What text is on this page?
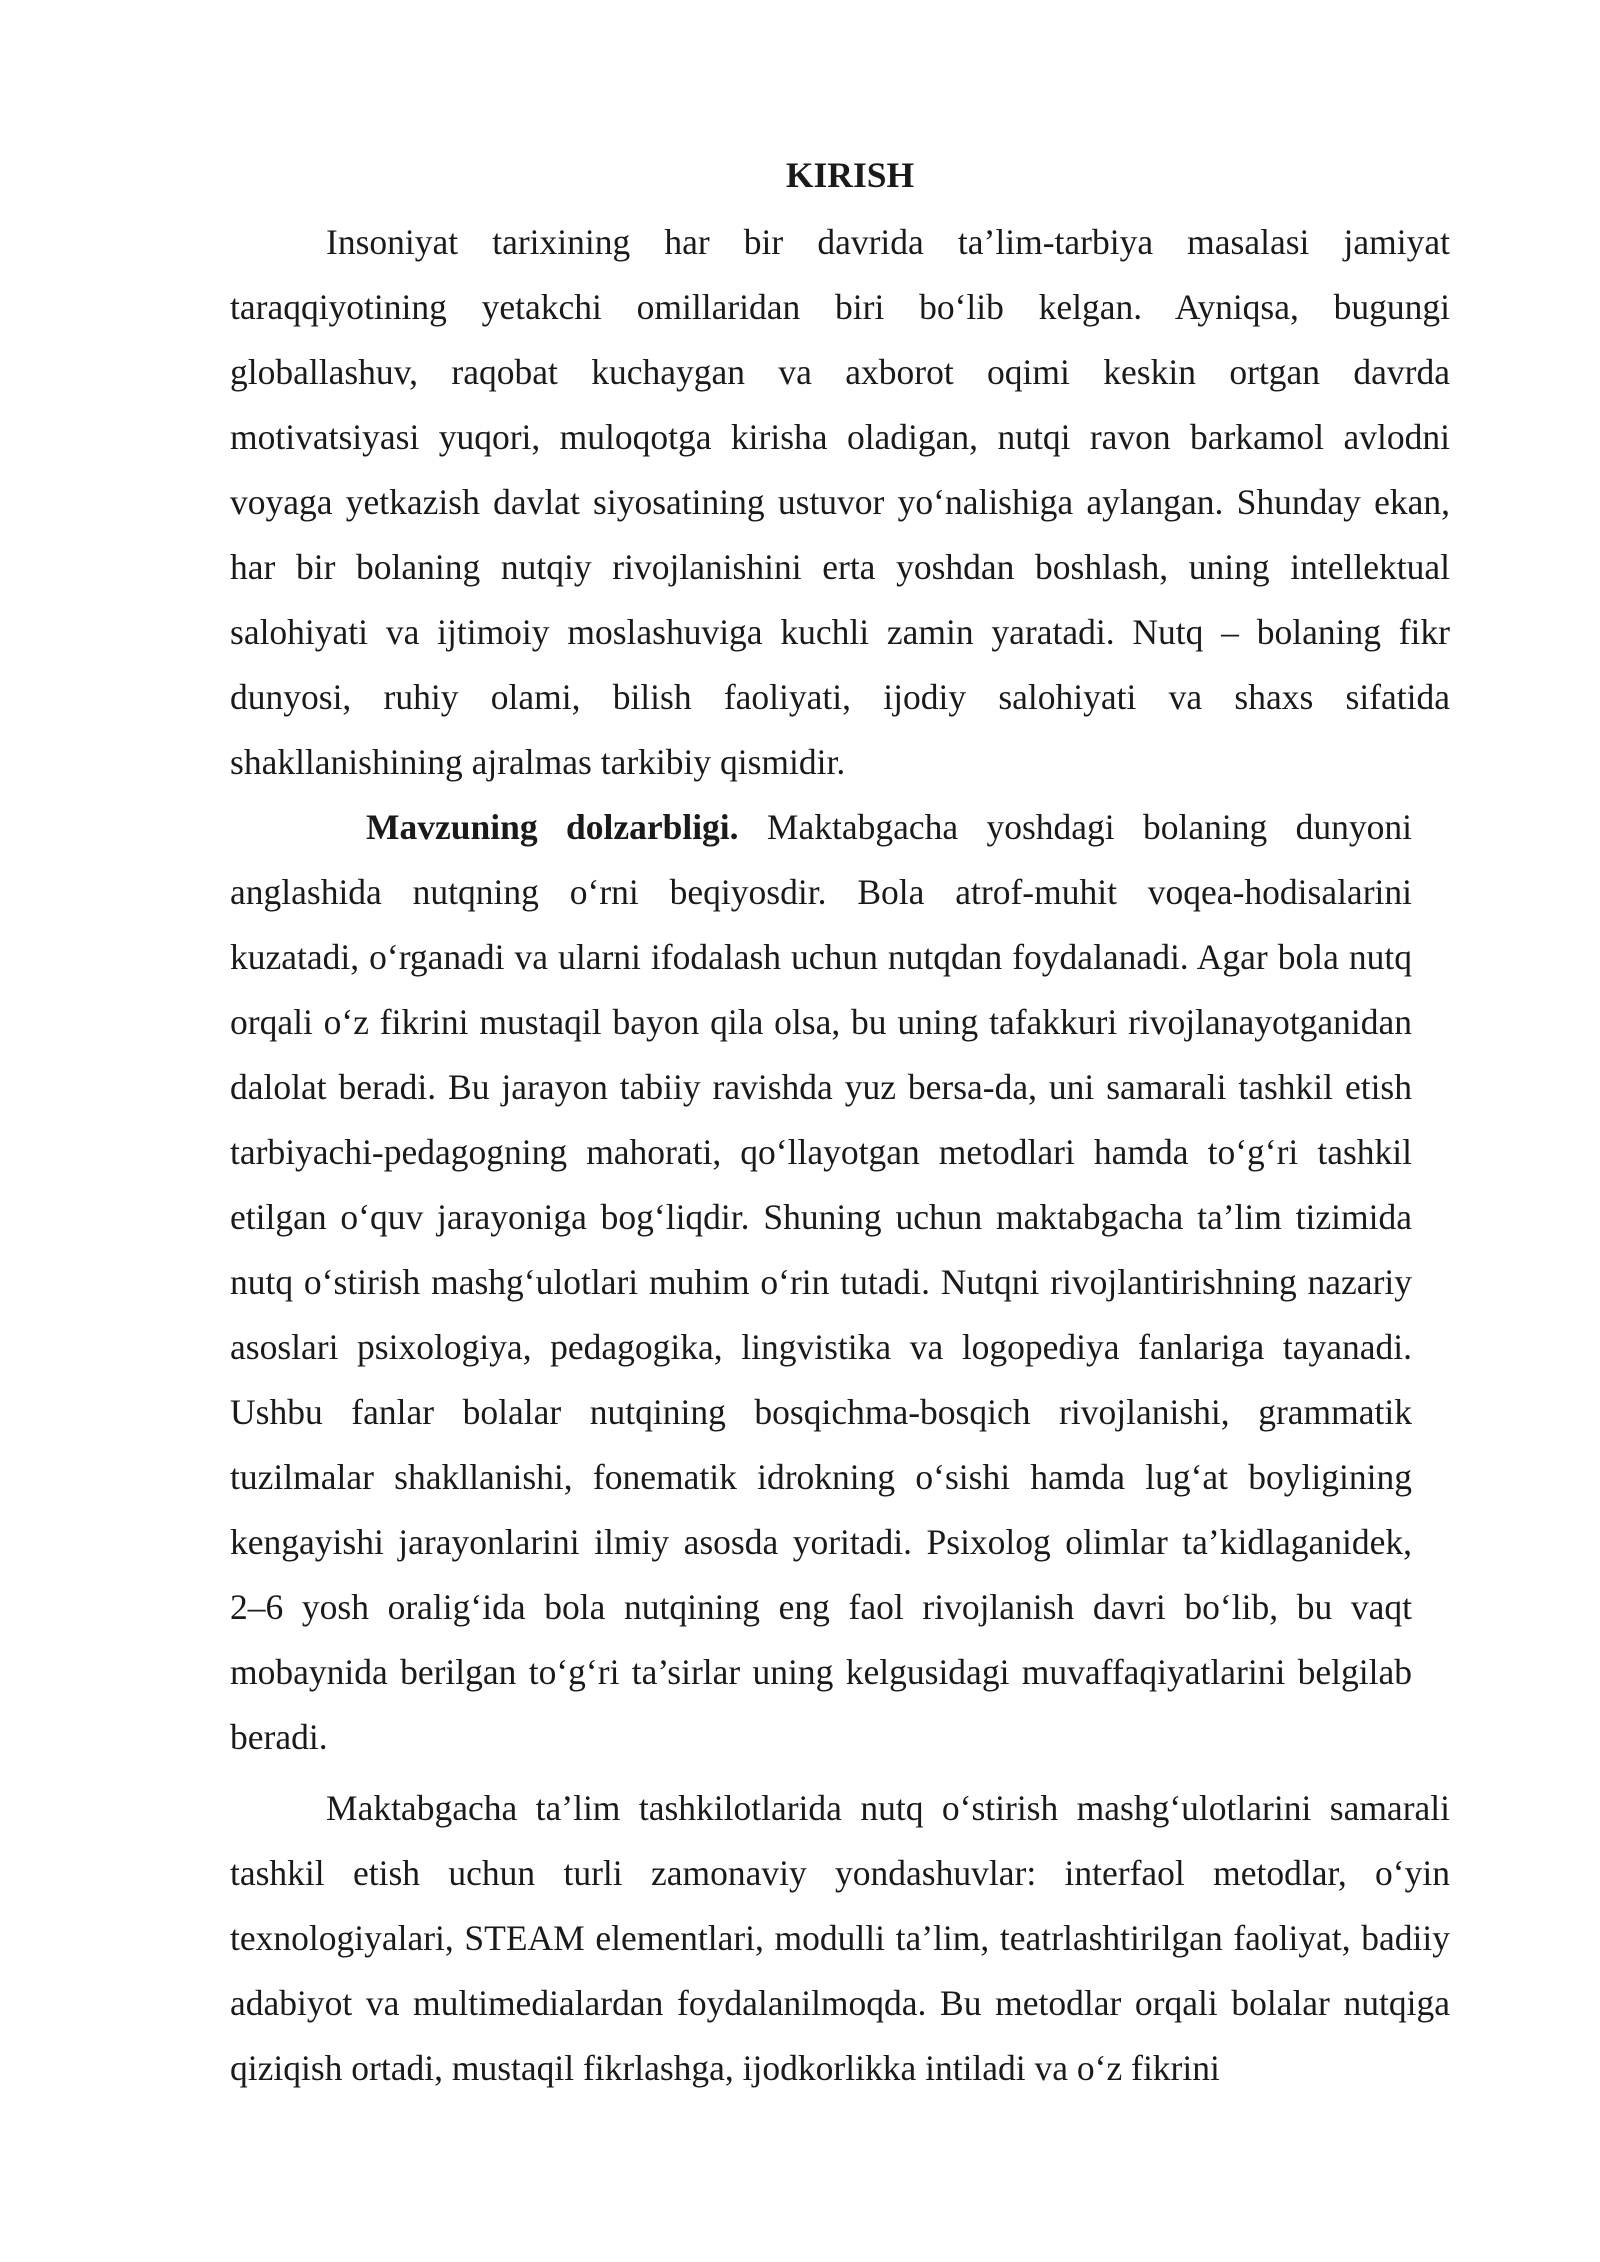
KIRISH

Insoniyat tarixining har bir davrida ta’lim-tarbiya masalasi jamiyat taraqqiyotining yetakchi omillaridan biri bo‘lib kelgan. Ayniqsa, bugungi globallashuv, raqobat kuchaygan va axborot oqimi keskin ortgan davrda motivatsiyasi yuqori, muloqotga kirisha oladigan, nutqi ravon barkamol avlodni voyaga yetkazish davlat siyosatining ustuvor yo‘nalishiga aylangan. Shunday ekan, har bir bolaning nutqiy rivojlanishini erta yoshdan boshlash, uning intellektual salohiyati va ijtimoiy moslashuviga kuchli zamin yaratadi. Nutq – bolaning fikr dunyosi, ruhiy olami, bilish faoliyati, ijodiy salohiyati va shaxs sifatida shakllanishining ajralmas tarkibiy qismidir.

Mavzuning dolzarbligi. Maktabgacha yoshdagi bolaning dunyoni anglashida nutqning o‘rni beqiyosdir. Bola atrof-muhit voqea-hodisalarini kuzatadi, o‘rganadi va ularni ifodalash uchun nutqdan foydalanadi. Agar bola nutq orqali o‘z fikrini mustaqil bayon qila olsa, bu uning tafakkuri rivojlanayotganidan dalolat beradi. Bu jarayon tabiiy ravishda yuz bersa-da, uni samarali tashkil etish tarbiyachi-pedagogning mahorati, qo‘llayotgan metodlari hamda to‘g‘ri tashkil etilgan o‘quv jarayoniga bog‘liqdir. Shuning uchun maktabgacha ta’lim tizimida nutq o‘stirish mashg‘ulotlari muhim o‘rin tutadi. Nutqni rivojlantirishning nazariy asoslari psixologiya, pedagogika, lingvistika va logopediya fanlariga tayanadi. Ushbu fanlar bolalar nutqining bosqichma-bosqich rivojlanishi, grammatik tuzilmalar shakllanishi, fonematik idrokning o‘sishi hamda lug‘at boyligining kengayishi jarayonlarini ilmiy asosda yoritadi. Psixolog olimlar ta’kidlaganidek, 2–6 yosh oralig‘ida bola nutqining eng faol rivojlanish davri bo‘lib, bu vaqt mobaynida berilgan to‘g‘ri ta’sirlar uning kelgusidagi muvaffaqiyatlarini belgilab beradi.

Maktabgacha ta’lim tashkilotlarida nutq o‘stirish mashg‘ulotlarini samarali tashkil etish uchun turli zamonaviy yondashuvlar: interfaol metodlar, o‘yin texnologiyalari, STEAM elementlari, modulli ta’lim, teatrlashtirilgan faoliyat, badiiy adabiyot va multimedialardan foydalanilmoqda. Bu metodlar orqali bolalar nutqiga qiziqish ortadi, mustaqil fikrlashga, ijodkorlikka intiladi va o‘z fikrini
